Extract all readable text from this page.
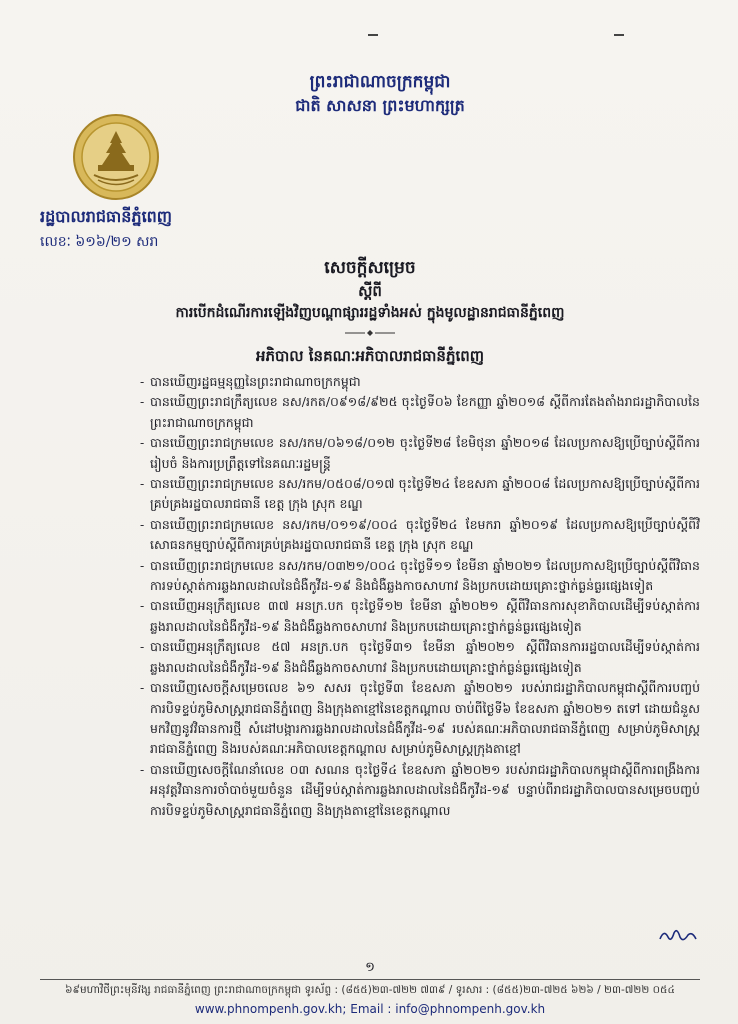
ព្រះរាជាណាចក្រកម្ពុជា
ជាតិ សាសនា ព្រះមហាក្សត្រ
រដ្ឋបាលរាជធានីភ្នំពេញ
លេខៈ ៦១៦/២១ សរា
សេចក្តីសម្រេច
ស្តីពី
ការបើកដំណើរការឡើងវិញបណ្តាផ្សាររដ្ឋទាំងអស់ ក្នុងមូលដ្ឋានរាជធានីភ្នំពេញ
អភិបាល នៃគណៈអភិបាលរាជធានីភ្នំពេញ
- បានឃើញរដ្ឋធម្មនុញ្ញនៃព្រះរាជាណាចក្រកម្ពុជា
- បានឃើញព្រះរាជក្រឹត្យលេខ នស/រកត/០៩១៨/៩២៥ ចុះថ្ងៃទី០៦ ខែកញ្ញា ឆ្នាំ២០១៨ ស្តីពីការតែងតាំងរាជរដ្ឋាភិបាលនៃព្រះរាជាណាចក្រកម្ពុជា
- បានឃើញព្រះរាជក្រមលេខ នស/រកម/០៦១៨/០១២ ចុះថ្ងៃទី២៨ ខែមិថុនា ឆ្នាំ២០១៨ ដែលប្រកាសឱ្យប្រើច្បាប់ស្តីពីការរៀបចំ និងការប្រព្រឹត្តទៅនៃគណៈរដ្ឋមន្ត្រី
- បានឃើញព្រះរាជក្រមលេខ នស/រកម/០៥០៨/០១៧ ចុះថ្ងៃទី២៤ ខែឧសភា ឆ្នាំ២០០៨ ដែលប្រកាសឱ្យប្រើច្បាប់ស្តីពីការគ្រប់គ្រងរដ្ឋបាលរាជធានី ខេត្ត ក្រុង ស្រុក ខណ្ឌ
- បានឃើញព្រះរាជក្រមលេខ នស/រកម/០១១៩/០០៤ ចុះថ្ងៃទី២៤ ខែមករា ឆ្នាំ២០១៩ ដែលប្រកាសឱ្យប្រើច្បាប់ស្តីពីវិសោធនកម្មច្បាប់ស្តីពីការគ្រប់គ្រងរដ្ឋបាលរាជធានី ខេត្ត ក្រុង ស្រុក ខណ្ឌ
- បានឃើញព្រះរាជក្រមលេខ នស/រកម/០៣២១/០០៤ ចុះថ្ងៃទី១១ ខែមីនា ឆ្នាំ២០២១ ដែលប្រកាសឱ្យប្រើច្បាប់ស្តីពីវិធានការទប់ស្កាត់ការឆ្លងរាលដាលនៃជំងឺកូវីដ-១៩ និងជំងឺឆ្លងកាចសាហាវ និងប្រកបដោយគ្រោះថ្នាក់ធ្ងន់ធ្ងរផ្សេងទៀត
- បានឃើញអនុក្រឹត្យលេខ ៣៧ អនក្រ.បក ចុះថ្ងៃទី១២ ខែមីនា ឆ្នាំ២០២១ ស្តីពីវិធានការសុខាភិបាលដើម្បីទប់ស្កាត់ការឆ្លងរាលដាលនៃជំងឺកូវីដ-១៩ និងជំងឺឆ្លងកាចសាហាវ និងប្រកបដោយគ្រោះថ្នាក់ធ្ងន់ធ្ងរផ្សេងទៀត
- បានឃើញអនុក្រឹត្យលេខ ៥៧ អនក្រ.បក ចុះថ្ងៃទី៣១ ខែមីនា ឆ្នាំ២០២១ ស្តីពីវិធានការរដ្ឋបាលដើម្បីទប់ស្កាត់ការឆ្លងរាលដាលនៃជំងឺកូវីដ-១៩ និងជំងឺឆ្លងកាចសាហាវ និងប្រកបដោយគ្រោះថ្នាក់ធ្ងន់ធ្ងរផ្សេងទៀត
- បានឃើញសេចក្តីសម្រេចលេខ ៦១ សសរ ចុះថ្ងៃទី៣ ខែឧសភា ឆ្នាំ២០២១ របស់រាជរដ្ឋាភិបាលកម្ពុជាស្តីពីការបញ្ចប់ការបិទខ្ទប់ភូមិសាស្ត្ររាជធានីភ្នំពេញ និងក្រុងតាខ្មៅនៃខេត្តកណ្តាល ចាប់ពីថ្ងៃទី៦ ខែឧសភា ឆ្នាំ២០២១ តទៅ ដោយជំនួសមកវិញនូវវិធានការថ្មី សំដៅបង្ការការឆ្លងរាលដាលនៃជំងឺកូវីដ-១៩ របស់គណៈអភិបាលរាជធានីភ្នំពេញ សម្រាប់ភូមិសាស្ត្ររាជធានីភ្នំពេញ និងរបស់គណៈអភិបាលខេត្តកណ្តាល សម្រាប់ភូមិសាស្ត្រក្រុងតាខ្មៅ
- បានឃើញសេចក្តីណែនាំលេខ ០៣ សណន ចុះថ្ងៃទី៤ ខែឧសភា ឆ្នាំ២០២១ របស់រាជរដ្ឋាភិបាលកម្ពុជាស្តីពីការពង្រឹងការអនុវត្តវិធានការចាំបាច់មួយចំនួន ដើម្បីទប់ស្កាត់ការឆ្លងរាលដាលនៃជំងឺកូវីដ-១៩ បន្ទាប់ពីរាជរដ្ឋាភិបាលបានសម្រេចបញ្ចប់ការបិទខ្ទប់ភូមិសាស្ត្ររាជធានីភ្នំពេញ និងក្រុងតាខ្មៅនៃខេត្តកណ្តាល
១
៦៩មហាវិថីព្រះមុនីវង្ស រាជធានីភ្នំពេញ ព្រះរាជាណាចក្រកម្ពុជា ទូរស័ព្ទ : (៨៥៥)២៣-៧២២ ៧៣៩ / ទូរសារ : (៨៥៥)២៣-៧២៥ ៦២៦ / ២៣-៧២២ ០៥៤
www.phnompenh.gov.kh; Email : info@phnompenh.gov.kh
